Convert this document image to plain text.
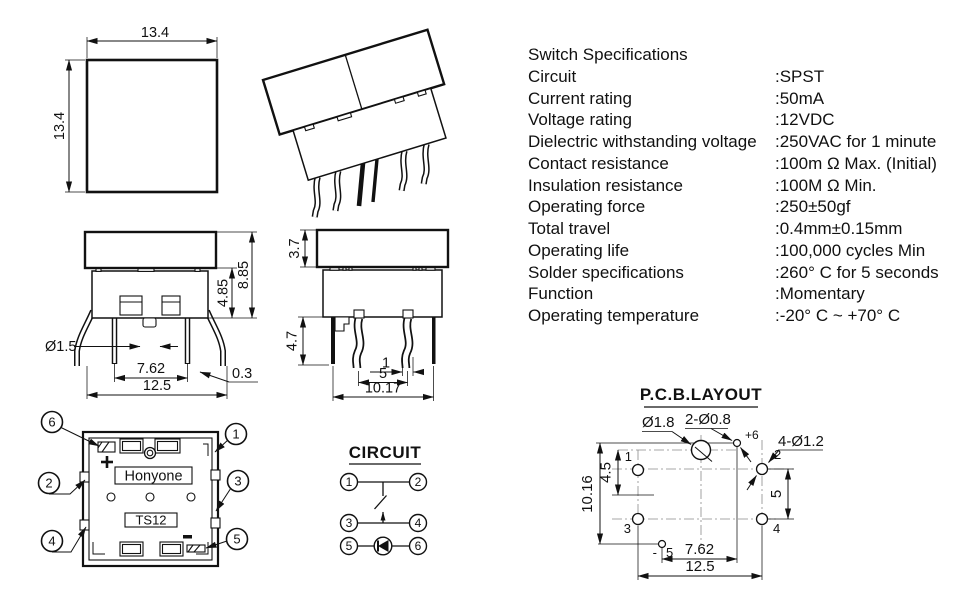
13.4
13.4
8.85
4.85
Ø1.5
7.62
12.5
0.3
3.7
4.7
1
5
10.17
Honyone
TS12
6
1
2	3
4	5
CIRCUIT
1	2
3	4
5	6
Switch Specifications
Circuit	:SPST
Current rating	:50mA
Voltage rating	:12VDC
Dielectric withstanding voltage	:250VAC for 1 minute
Contact resistance	:100m Ω Max. (Initial)
Insulation resistance	:100M Ω Min.
Operating force	:250±50gf
Total travel	:0.4mm±0.15mm
Operating life	:100,000 cycles Min
Solder specifications	:260° C for 5 seconds
Function	:Momentary
Operating temperature	:-20° C ~ +70° C
P.C.B.LAYOUT
Ø1.8 2-Ø0.8
4-Ø1.2
+6
1	2
3	4
- 5
10.16
4.5
5
7.62
12.5
